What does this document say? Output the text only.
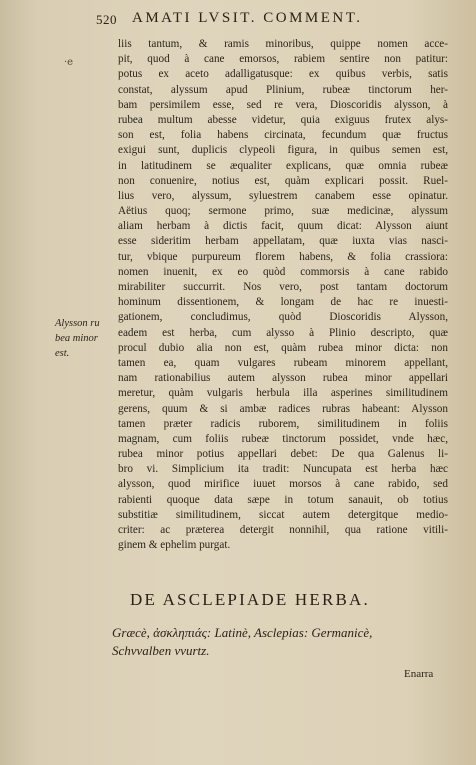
520 AMATI LVSIT. COMMENT.
·e
liis tantum, & ramis minoribus, quippe nomen acce-
pit, quod à cane emorsos, rabiem sentire non patitur:
potus ex aceto adalligatusque: ex quibus verbis, satis
constat, alyssum apud Plinium, rubeæ tinctorum her-
bam persimilem esse, sed re vera, Dioscoridis alysson, à
rubea multum abesse videtur, quia exiguus frutex alys-
son est, folia habens circinata, fecundum quæ fructus
exigui sunt, duplicis clypeoli figura, in quibus semen est,
in latitudinem se æqualiter explicans, quæ omnia rubeæ
non conuenire, notius est, quàm explicari possit. Ruel-
lius vero, alyssum, syluestrem canabem esse opinatur.
Aëtius quoq; sermone primo, suæ medicinæ, alyssum
aliam herbam à dictis facit, quum dicat: Alysson aiunt
esse sideritim herbam appellatam, quæ iuxta vias nasci-
tur, vbique purpureum florem habens, & folia crassiora:
nomen inuenit, ex eo quòd commorsis à cane rabido
mirabiliter succurrit. Nos vero, post tantam doctorum
hominum dissentionem, & longam de hac re inuesti-
gationem, concludimus, quòd Dioscoridis Alysson,
eadem est herba, cum alysso à Plinio descripto, quæ
procul dubio alia non est, quàm rubea minor dicta: non
tamen ea, quam vulgares rubeam minorem appellant,
nam rationabilius autem alysson rubea minor appellari
meretur, quàm vulgaris herbula illa asperines similitudinem
gerens, quum & si ambæ radices rubras habeant: Alysson
tamen præter radicis ruborem, similitudinem in foliis
magnam, cum foliis rubeæ tinctorum possidet, vnde hæc,
rubea minor potius appellari debet: De qua Galenus li-
bro vi. Simplicium ita tradit: Nuncupata est herba hæc
alysson, quod mirifice iuuet morsos à cane rabido, sed
rabienti quoque data sæpe in totum sanauit, ob totius
substitiæ similitudinem, siccat autem detergitque medio-
criter: ac præterea detergit nonnihil, qua ratione vitili-
ginem & ephelim purgat.
Alysson ru
bea minor
est.
DE ASCLEPIADE HERBA.
Græcè, ἀσκληπιάς: Latinè, Asclepias: Germanicè,
Schvvalben vvurtz.
Enarra
